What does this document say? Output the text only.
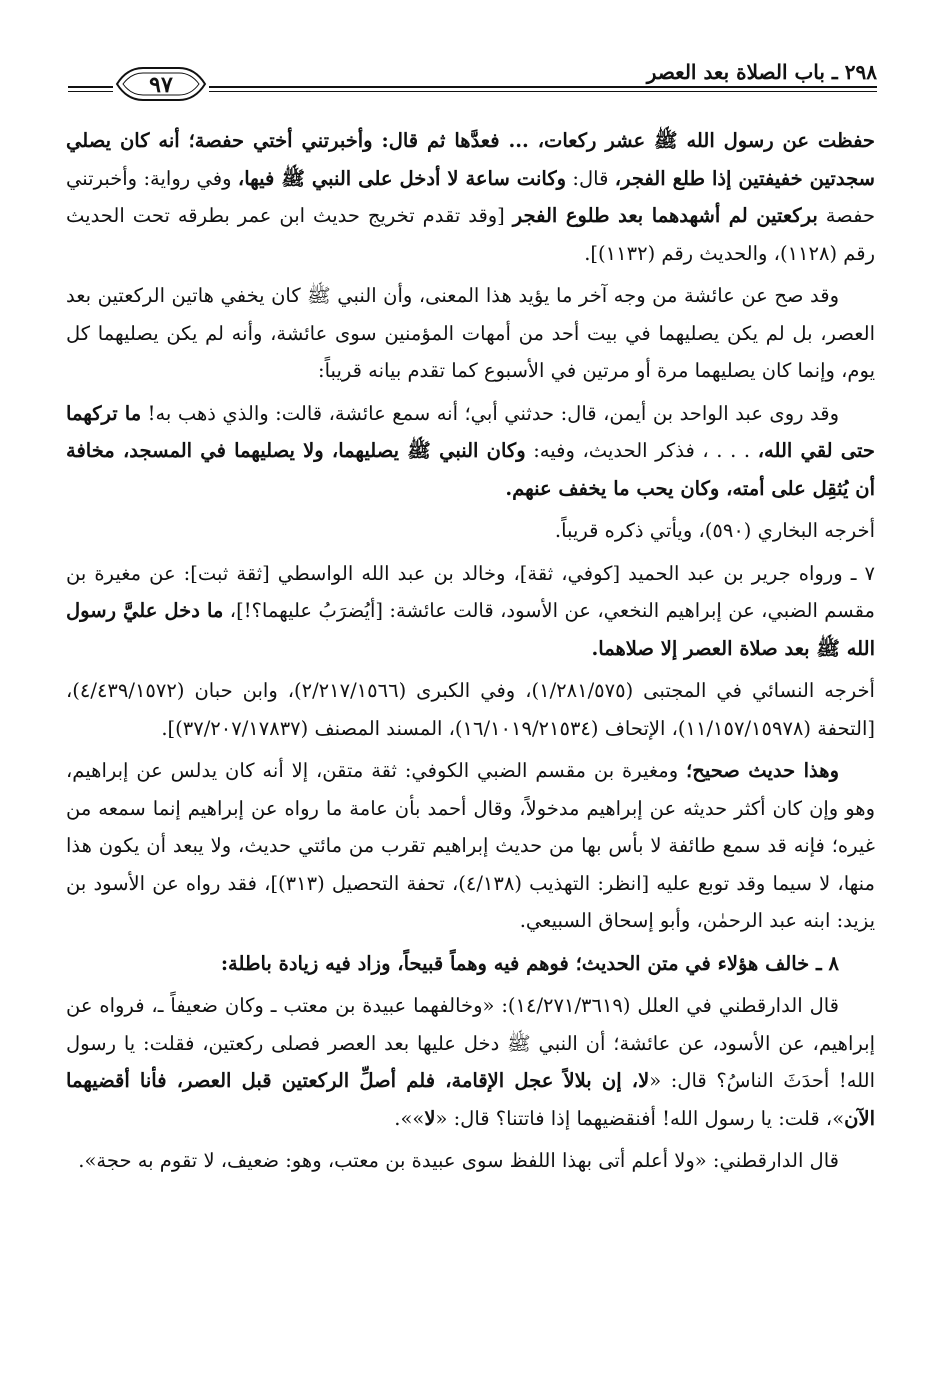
٢٩٨ ـ باب الصلاة بعد العصر
٩٧

حفظت عن رسول الله ﷺ عشر ركعات، ... فعدَّها ثم قال: وأخبرتني أختي حفصة؛ أنه كان يصلي سجدتين خفيفتين إذا طلع الفجر، قال: وكانت ساعة لا أدخل على النبي ﷺ فيها، وفي رواية: وأخبرتني حفصة بركعتين لم أشهدهما بعد طلوع الفجر [وقد تقدم تخريج حديث ابن عمر بطرقه تحت الحديث رقم (١١٢٨)، والحديث رقم (١١٣٢)].

وقد صح عن عائشة من وجه آخر ما يؤيد هذا المعنى، وأن النبي ﷺ كان يخفي هاتين الركعتين بعد العصر، بل لم يكن يصليهما في بيت أحد من أمهات المؤمنين سوى عائشة، وأنه لم يكن يصليهما كل يوم، وإنما كان يصليهما مرة أو مرتين في الأسبوع كما تقدم بيانه قريباً:

وقد روى عبد الواحد بن أيمن، قال: حدثني أبي؛ أنه سمع عائشة، قالت: والذي ذهب به! ما تركهما حتى لقي الله، . . . ، فذكر الحديث، وفيه: وكان النبي ﷺ يصليهما، ولا يصليهما في المسجد، مخافة أن يُثقِل على أمته، وكان يحب ما يخفف عنهم.

أخرجه البخاري (٥٩٠)، ويأتي ذكره قريباً.

٧ ـ ورواه جرير بن عبد الحميد [كوفي، ثقة]، وخالد بن عبد الله الواسطي [ثقة ثبت]: عن مغيرة بن مقسم الضبي، عن إبراهيم النخعي، عن الأسود، قالت عائشة: [أيُضرَبُ عليهما؟!]، ما دخل عليَّ رسول الله ﷺ بعد صلاة العصر إلا صلاهما.

أخرجه النسائي في المجتبى (١/٢٨١/٥٧٥)، وفي الكبرى (٢/٢١٧/١٥٦٦)، وابن حبان (٤/٤٣٩/١٥٧٢)، [التحفة (١١/١٥٧/١٥٩٧٨)، الإتحاف (١٦/١٠١٩/٢١٥٣٤)، المسند المصنف (٣٧/٢٠٧/١٧٨٣٧)].

وهذا حديث صحيح؛ ومغيرة بن مقسم الضبي الكوفي: ثقة متقن، إلا أنه كان يدلس عن إبراهيم، وهو وإن كان أكثر حديثه عن إبراهيم مدخولاً، وقال أحمد بأن عامة ما رواه عن إبراهيم إنما سمعه من غيره؛ فإنه قد سمع طائفة لا بأس بها من حديث إبراهيم تقرب من مائتي حديث، ولا يبعد أن يكون هذا منها، لا سيما وقد توبع عليه [انظر: التهذيب (٤/١٣٨)، تحفة التحصيل (٣١٣)]، فقد رواه عن الأسود بن يزيد: ابنه عبد الرحمٰن، وأبو إسحاق السبيعي.

٨ ـ خالف هؤلاء في متن الحديث؛ فوهم فيه وهماً قبيحاً، وزاد فيه زيادة باطلة:

قال الدارقطني في العلل (١٤/٢٧١/٣٦١٩): «وخالفهما عبيدة بن معتب ـ وكان ضعيفاً ـ، فرواه عن إبراهيم، عن الأسود، عن عائشة؛ أن النبي ﷺ دخل عليها بعد العصر فصلى ركعتين، فقلت: يا رسول الله! أحدَثَ الناسُ؟ قال: «لا، إن بلالاً عجل الإقامة، فلم أصلِّ الركعتين قبل العصر، فأنا أقضيهما الآن»، قلت: يا رسول الله! أفنقضيهما إذا فاتتنا؟ قال: «لا»».

قال الدارقطني: «ولا أعلم أتى بهذا اللفظ سوى عبيدة بن معتب، وهو: ضعيف، لا تقوم به حجة».
